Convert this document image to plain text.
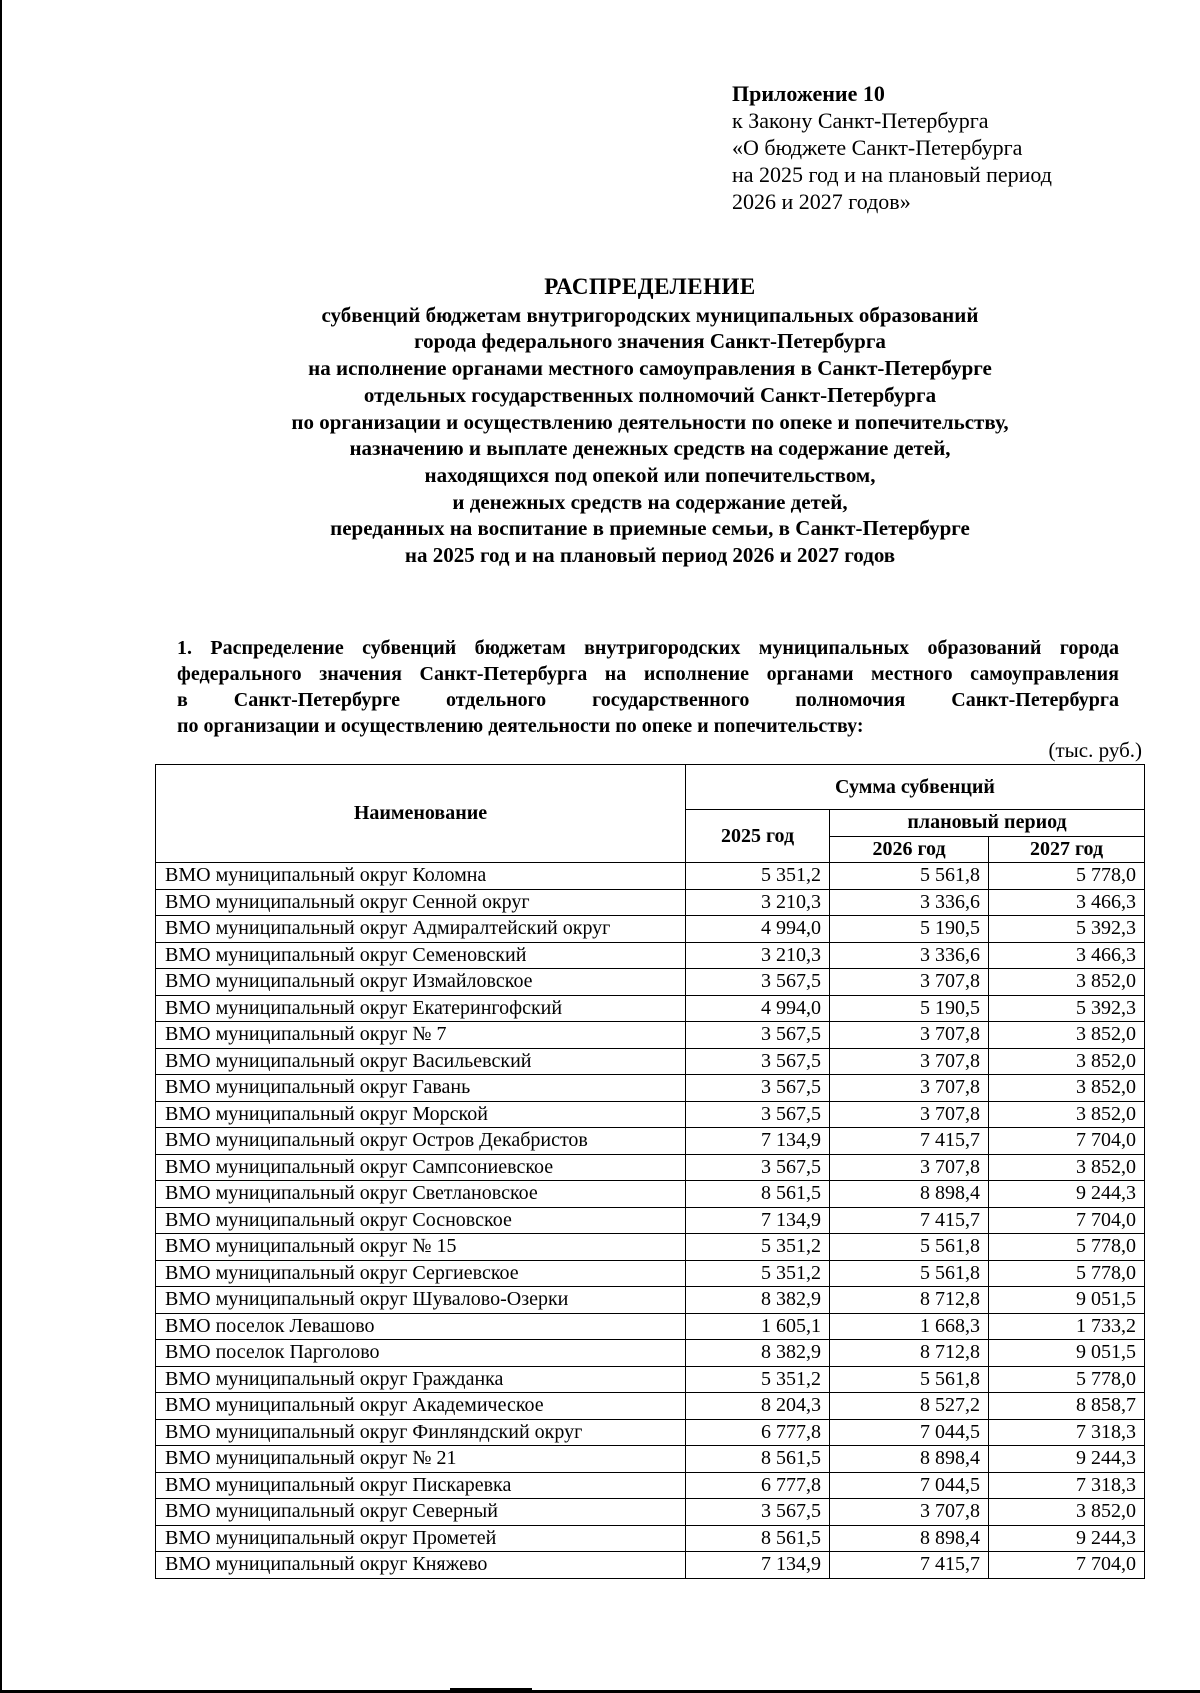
Приложение 10
к Закону Санкт-Петербурга
«О бюджете Санкт-Петербурга
на 2025 год и на плановый период
2026 и 2027 годов»
РАСПРЕДЕЛЕНИЕ
субвенций бюджетам внутригородских муниципальных образований
города федерального значения Санкт-Петербурга
на исполнение органами местного самоуправления в Санкт-Петербурге
отдельных государственных полномочий Санкт-Петербурга
по организации и осуществлению деятельности по опеке и попечительству,
назначению и выплате денежных средств на содержание детей,
находящихся под опекой или попечительством,
и денежных средств на содержание детей,
переданных на воспитание в приемные семьи, в Санкт-Петербурге
на 2025 год и на плановый период 2026 и 2027 годов
1. Распределение субвенций бюджетам внутригородских муниципальных образований города
федерального значения Санкт-Петербурга на исполнение органами местного самоуправления
в Санкт-Петербурге отдельного государственного полномочия Санкт-Петербурга
по организации и осуществлению деятельности по опеке и попечительству:
(тыс. руб.)
Наименование	Сумма субвенций		
	2025 год	плановый период	
		2026 год	2027 год
ВМО муниципальный округ Коломна	5 351,2	5 561,8	5 778,0
ВМО муниципальный округ Сенной округ	3 210,3	3 336,6	3 466,3
ВМО муниципальный округ Адмиралтейский округ	4 994,0	5 190,5	5 392,3
ВМО муниципальный округ Семеновский	3 210,3	3 336,6	3 466,3
ВМО муниципальный округ Измайловское	3 567,5	3 707,8	3 852,0
ВМО муниципальный округ Екатерингофский	4 994,0	5 190,5	5 392,3
ВМО муниципальный округ № 7	3 567,5	3 707,8	3 852,0
ВМО муниципальный округ Васильевский	3 567,5	3 707,8	3 852,0
ВМО муниципальный округ Гавань	3 567,5	3 707,8	3 852,0
ВМО муниципальный округ Морской	3 567,5	3 707,8	3 852,0
ВМО муниципальный округ Остров Декабристов	7 134,9	7 415,7	7 704,0
ВМО муниципальный округ Сампсониевское	3 567,5	3 707,8	3 852,0
ВМО муниципальный округ Светлановское	8 561,5	8 898,4	9 244,3
ВМО муниципальный округ Сосновское	7 134,9	7 415,7	7 704,0
ВМО муниципальный округ № 15	5 351,2	5 561,8	5 778,0
ВМО муниципальный округ Сергиевское	5 351,2	5 561,8	5 778,0
ВМО муниципальный округ Шувалово-Озерки	8 382,9	8 712,8	9 051,5
ВМО поселок Левашово	1 605,1	1 668,3	1 733,2
ВМО поселок Парголово	8 382,9	8 712,8	9 051,5
ВМО муниципальный округ Гражданка	5 351,2	5 561,8	5 778,0
ВМО муниципальный округ Академическое	8 204,3	8 527,2	8 858,7
ВМО муниципальный округ Финляндский округ	6 777,8	7 044,5	7 318,3
ВМО муниципальный округ № 21	8 561,5	8 898,4	9 244,3
ВМО муниципальный округ Пискаревка	6 777,8	7 044,5	7 318,3
ВМО муниципальный округ Северный	3 567,5	3 707,8	3 852,0
ВМО муниципальный округ Прометей	8 561,5	8 898,4	9 244,3
ВМО муниципальный округ Княжево	7 134,9	7 415,7	7 704,0
